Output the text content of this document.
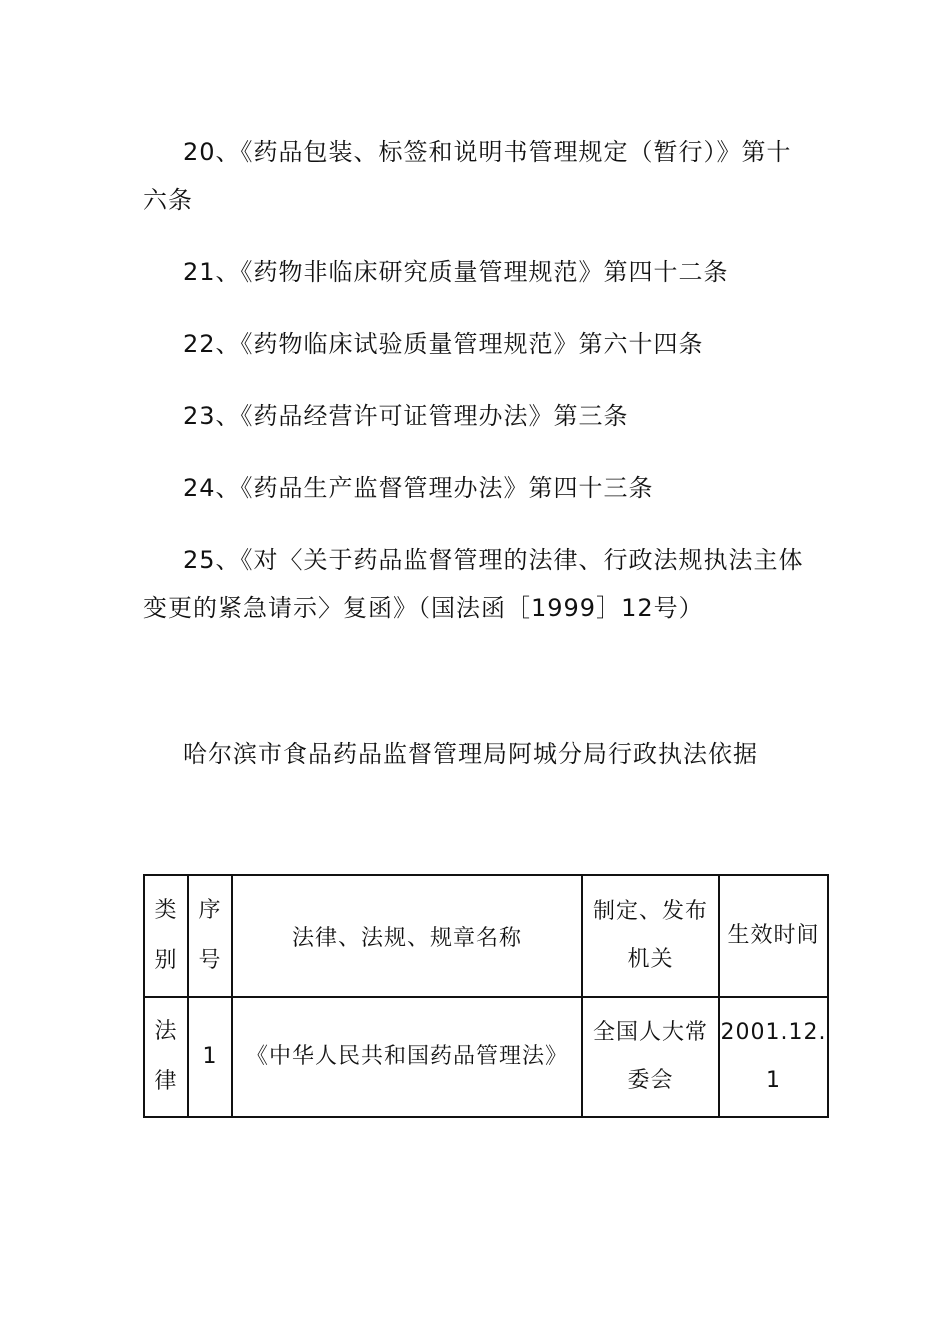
20、《药品包装、标签和说明书管理规定（暂行）》第十六条

21、《药物非临床研究质量管理规范》第四十二条

22、《药物临床试验质量管理规范》第六十四条

23、《药品经营许可证管理办法》第三条

24、《药品生产监督管理办法》第四十三条

25、《对〈关于药品监督管理的法律、行政法规执法主体变更的紧急请示〉复函》（国法函［1999］12号）

哈尔滨市食品药品监督管理局阿城分局行政执法依据
类别	序号	法律、法规、规章名称	制定、发布机关	生效时间
法律	1	《中华人民共和国药品管理法》	全国人大常委会	2001.12.1
